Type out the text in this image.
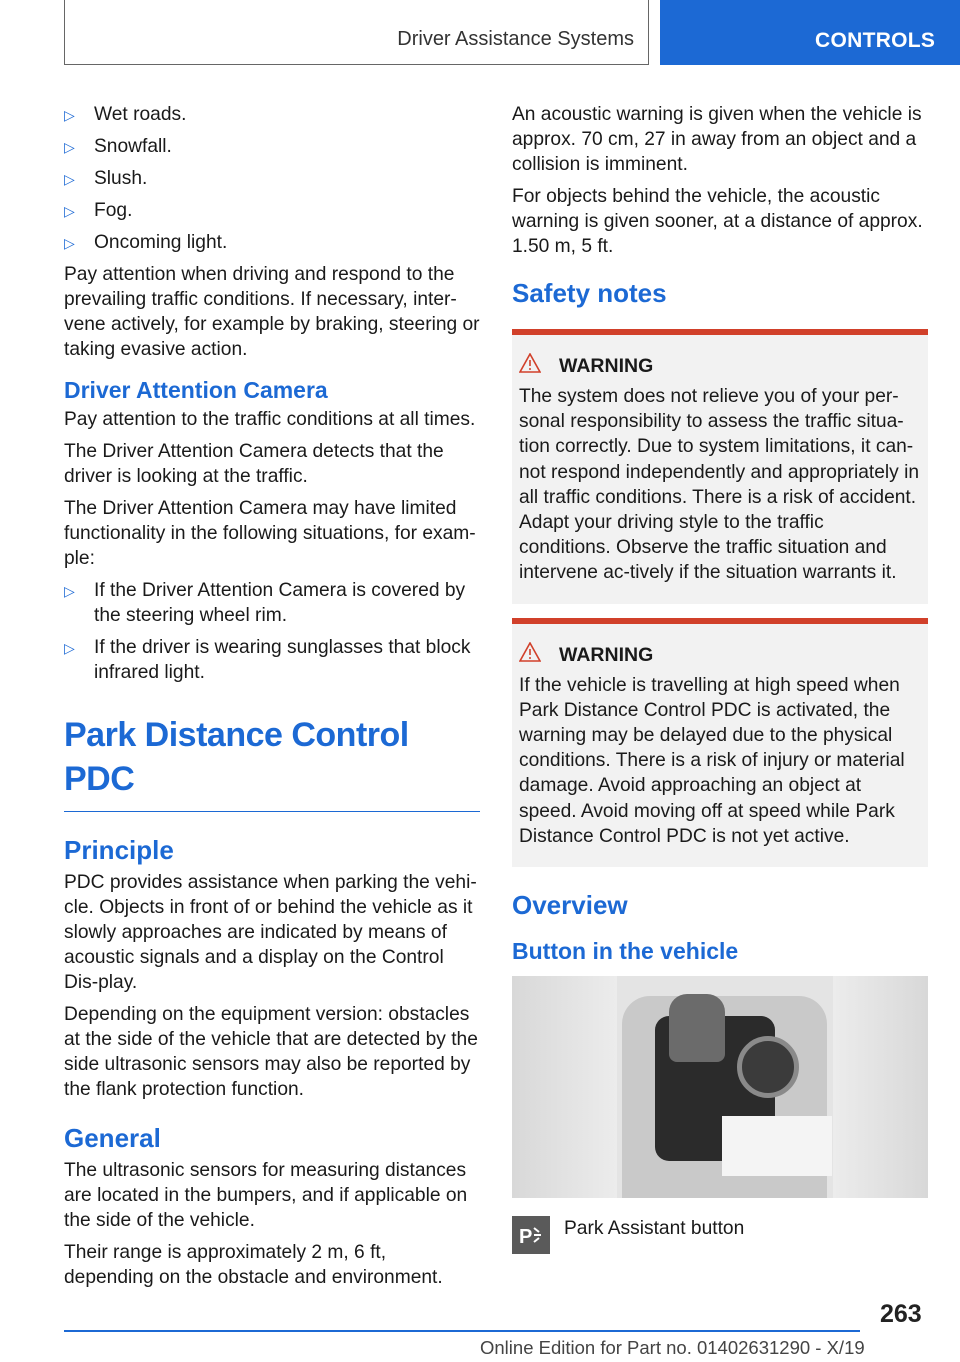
Driver Assistance Systems	CONTROLS
▷ Wet roads.
▷ Snowfall.
▷ Slush.
▷ Fog.
▷ Oncoming light.

Pay attention when driving and respond to the prevailing traffic conditions. If necessary, inter-vene actively, for example by braking, steering or taking evasive action.

Driver Attention Camera

Pay attention to the traffic conditions at all times.

The Driver Attention Camera detects that the driver is looking at the traffic.

The Driver Attention Camera may have limited functionality in the following situations, for exam-ple:

▷ If the Driver Attention Camera is covered by the steering wheel rim.
▷ If the driver is wearing sunglasses that block infrared light.
Park Distance Control PDC
Principle

PDC provides assistance when parking the vehi-cle. Objects in front of or behind the vehicle as it slowly approaches are indicated by means of acoustic signals and a display on the Control Dis-play.

Depending on the equipment version: obstacles at the side of the vehicle that are detected by the side ultrasonic sensors may also be reported by the flank protection function.

General

The ultrasonic sensors for measuring distances are located in the bumpers, and if applicable on the side of the vehicle.

Their range is approximately 2 m, 6 ft, depending on the obstacle and environment.

An acoustic warning is given when the vehicle is approx. 70 cm, 27 in away from an object and a collision is imminent.

For objects behind the vehicle, the acoustic warning is given sooner, at a distance of approx. 1.50 m, 5 ft.

Safety notes
WARNING

The system does not relieve you of your per-sonal responsibility to assess the traffic situa-tion correctly. Due to system limitations, it can-not respond independently and appropriately in all traffic conditions. There is a risk of accident. Adapt your driving style to the traffic conditions. Observe the traffic situation and intervene ac-tively if the situation warrants it.

WARNING

If the vehicle is travelling at high speed when Park Distance Control PDC is activated, the warning may be delayed due to the physical conditions. There is a risk of injury or material damage. Avoid approaching an object at speed. Avoid moving off at speed while Park Distance Control PDC is not yet active.

Overview
Button in the vehicle
P Park Assistant button
263
Online Edition for Part no. 01402631290 - X/19
